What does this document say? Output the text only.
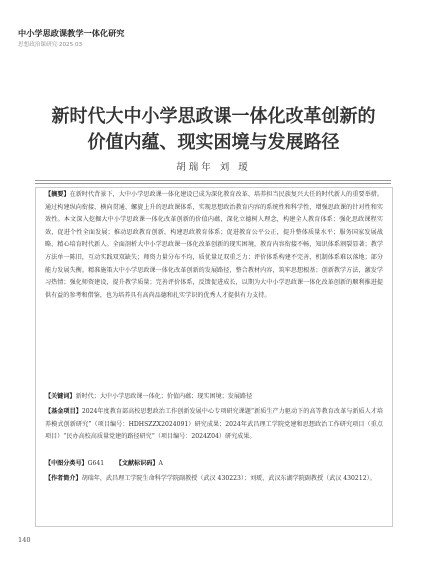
中小学思政课教学一体化研究
思想政治课研究·2025.03
新时代大中小学思政课一体化改革创新的
价值内蕴、现实困境与发展路径
胡瑞年 刘 瑷
【摘要】在新时代背景下，大中小学思政课一体化建设已成为深化教育改革、培养担当民族复兴大任的时代新人的重要举措。通过构建纵向衔接、横向贯通、螺旋上升的思政课体系，实现思想政治教育内容的系统性和科学性，增强思政课的针对性和实效性。本文深入挖掘大中小学思政课一体化改革创新的价值内蕴，深化立德树人理念，构建全人教育体系；强化思政课程实效，促进个性全面发展；推动思政教育创新，构建思政教育体系；促进教育公平公正，提升整体质量水平；服务国家发展战略，精心培育时代新人。全面剖析大中小学思政课一体化改革创新的现实困境，教育内容衔接不畅，知识体系割裂显著；教学方法单一陈旧，互动实践双双缺失；师资力量分布不均，质优量足双重乏力；评价体系构建不完善，机制体系难以落地；部分能力发展失衡。精准施策大中小学思政课一体化改革创新的发展路径，整合教材内容，筑牢思想根基；创新教学方法，激发学习热情；强化师资建设，提升教学质量；完善评价体系，反馈促进成长，以期为大中小学思政课一体化改革创新的顺利推进提供有益的参考和借鉴，也为培养具有高尚品德和扎实学识的优秀人才提供有力支持。
【关键词】新时代；大中小学思政课一体化；价值内蕴；现实困境；发展路径
【基金项目】2024年度教育部高校思想政治工作创新发展中心专项研究课题“新质生产力驱动下的高等教育改革与新质人才培养模式创新研究”（项目编号：HDHSZZX2024091）研究成果；2024年武昌理工学院党建和思想政治工作研究项目（重点项目）“民办高校高质量党建的路径研究”（项目编号：2024Z04）研究成果。
【中图分类号】G641 【文献标识码】A
【作者简介】胡瑞年，武昌理工学院生命科学学院副教授（武汉 430223）；刘瑷，武汉东湖学院副教授（武汉 430212）。
140
